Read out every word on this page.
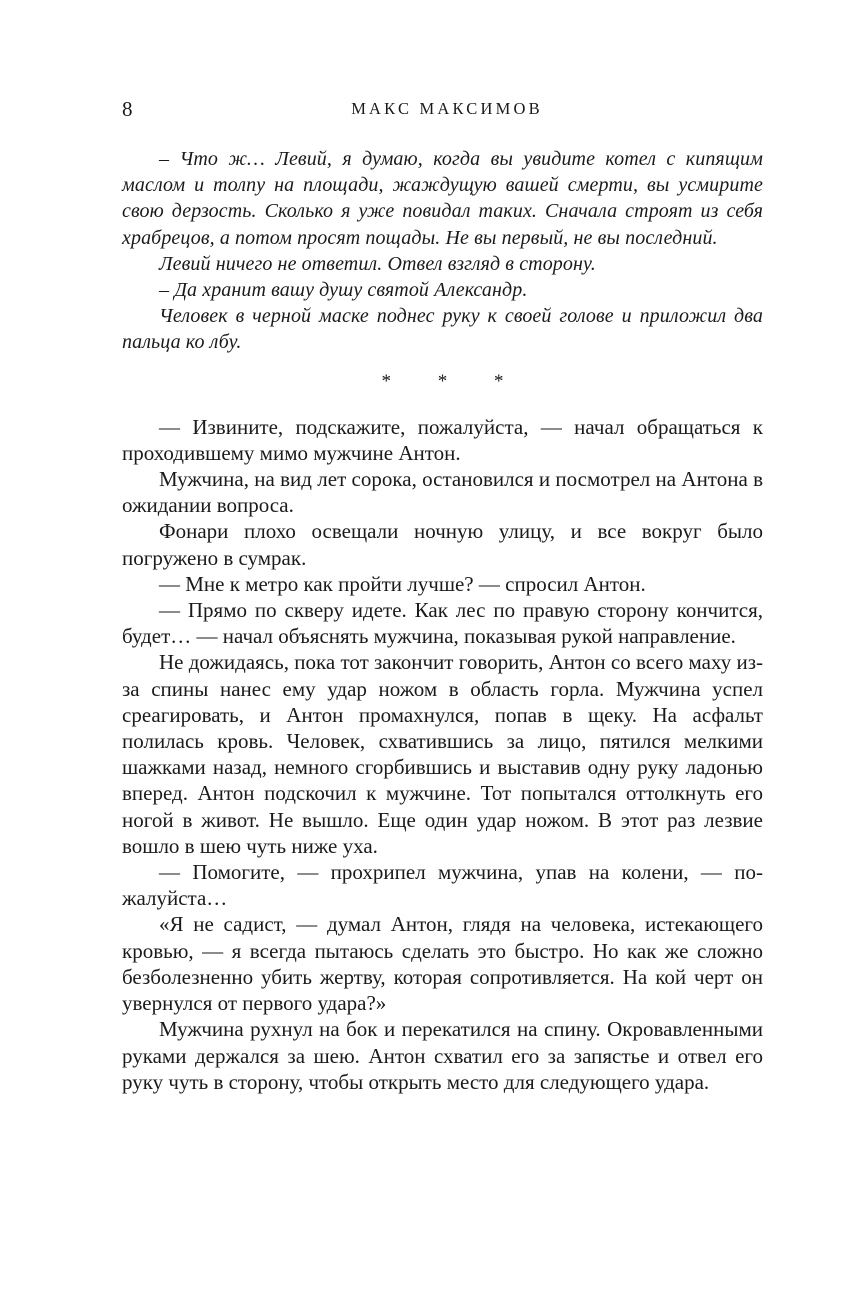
8	МАКС МАКСИМОВ

– Что ж… Левий, я думаю, когда вы увидите котел с кипящим маслом и толпу на площади, жаждущую вашей смерти, вы усмирите свою дерзость. Сколько я уже повидал таких. Сначала строят из себя храбрецов, а потом просят пощады. Не вы первый, не вы последний.

Левий ничего не ответил. Отвел взгляд в сторону.

– Да хранит вашу душу святой Александр.

Человек в черной маске поднес руку к своей голове и приложил два пальца ко лбу.

* * *

— Извините, подскажите, пожалуйста, — начал обращаться к проходившему мимо мужчине Антон.

Мужчина, на вид лет сорока, остановился и посмотрел на Антона в ожидании вопроса.

Фонари плохо освещали ночную улицу, и все вокруг было погружено в сумрак.

— Мне к метро как пройти лучше? — спросил Антон.

— Прямо по скверу идете. Как лес по правую сторону кончится, будет… — начал объяснять мужчина, показывая рукой направление.

Не дожидаясь, пока тот закончит говорить, Антон со всего маху из-за спины нанес ему удар ножом в область горла. Мужчина успел среагировать, и Антон промахнулся, попав в щеку. На асфальт полилась кровь. Человек, схватившись за лицо, пятился мелкими шажками назад, немного сгорбившись и выставив одну руку ладонью вперед. Антон подскочил к мужчине. Тот попытался оттолкнуть его ногой в живот. Не вышло. Еще один удар ножом. В этот раз лезвие вошло в шею чуть ниже уха.

— Помогите, — прохрипел мужчина, упав на колени, — пожалуйста…

«Я не садист, — думал Антон, глядя на человека, истекающего кровью, — я всегда пытаюсь сделать это быстро. Но как же сложно безболезненно убить жертву, которая сопротивляется. На кой черт он увернулся от первого удара?»

Мужчина рухнул на бок и перекатился на спину. Окровавленными руками держался за шею. Антон схватил его за запястье и отвел его руку чуть в сторону, чтобы открыть место для следующего удара.
